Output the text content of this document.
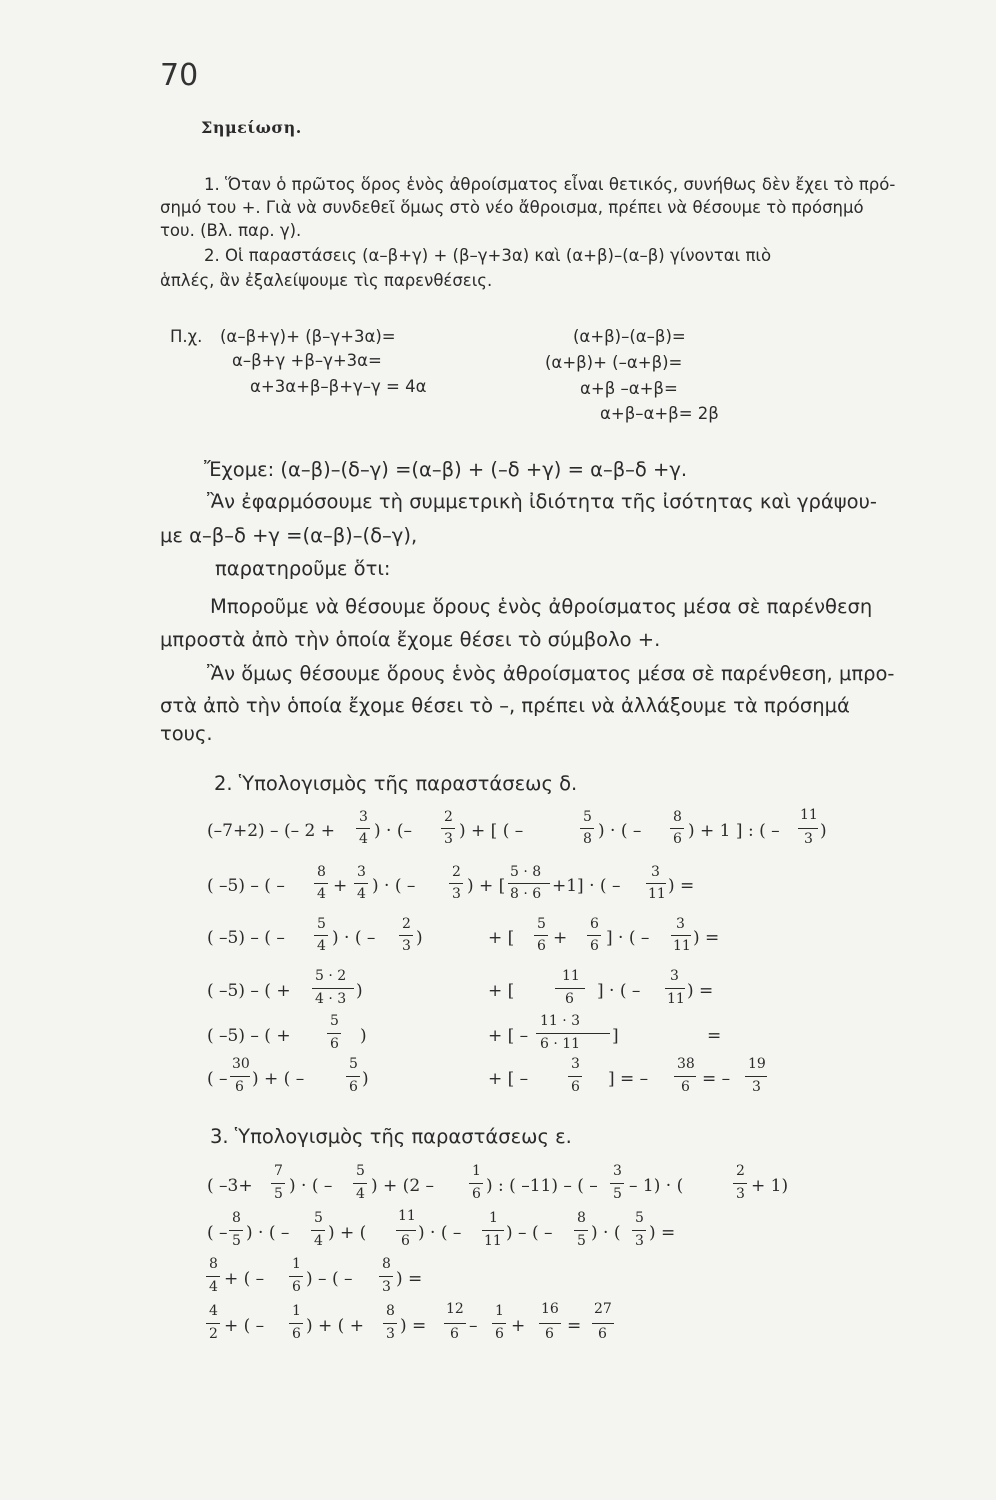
70
Σημείωση.
1. Ὅταν ὁ πρῶτος ὅρος ἑνὸς ἀθροίσματος εἶναι θετικός, συνήθως δὲν ἔχει τὸ πρό-
σημό του +. Γιὰ νὰ συνδεθεῖ ὅμως στὸ νέο ἄθροισμα, πρέπει νὰ θέσουμε τὸ πρόσημό
του. (Βλ. παρ. γ).
2. Οἱ παραστάσεις (α–β+γ) + (β–γ+3α) καὶ (α+β)–(α–β) γίνονται πιὸ
ἁπλές, ἂν ἐξαλείψουμε τὶς παρενθέσεις.
Π.χ. (α–β+γ)+ (β–γ+3α)=
α–β+γ +β–γ+3α=
α+3α+β–β+γ–γ = 4α
(α+β)–(α–β)=
(α+β)+ (–α+β)=
α+β –α+β=
α+β–α+β= 2β
Ἔχομε: (α–β)–(δ–γ) =(α–β) + (–δ +γ) = α–β–δ +γ.
Ἂν ἐφαρμόσουμε τὴ συμμετρικὴ ἰδιότητα τῆς ἰσότητας καὶ γράψου-
με α–β–δ +γ =(α–β)–(δ–γ),
παρατηροῦμε ὅτι:
Μποροῦμε νὰ θέσουμε ὅρους ἑνὸς ἀθροίσματος μέσα σὲ παρένθεση
μπροστὰ ἀπὸ τὴν ὁποία ἔχομε θέσει τὸ σύμβολο +.
Ἂν ὅμως θέσουμε ὅρους ἑνὸς ἀθροίσματος μέσα σὲ παρένθεση, μπρο-
στὰ ἀπὸ τὴν ὁποία ἔχομε θέσει τὸ –, πρέπει νὰ ἀλλάξουμε τὰ πρόσημά
τους.
2. Ὑπολογισμὸς τῆς παραστάσεως δ.
(–7+2) – (– 2 +
3
4 ) · (–
2
3 ) + [ ( –
5
8 ) · ( –
8
6 ) + 1 ] : ( –
11
3 )
( –5) – ( –
8
4 +
3
4 ) · ( –
2
3 ) + [
5 · 8
8 · 6 +1] · ( –
3
11 ) =
( –5) – ( –
5
4 ) · ( –
2
3 )	+ [
5
6 +
6
6 ] · ( –
3
11 ) =
( –5) – ( +
5 · 2
4 · 3 )	+ [
11
6 ] · ( –
3
11 ) =
( –5) – ( +
5
6 )	+ [ –
11 · 3
6 · 11 ]	=
( –
30
6 ) + ( –
5
6 )	+ [ –
3
6 ] = –
38
6 = –
19
3
3. Ὑπολογισμὸς τῆς παραστάσεως ε.
( –3+
7
5 ) · ( –
5
4 ) + (2 –
1
6 ) : ( –11) – ( –
3
5 – 1) · (
2
3 + 1)
( –
8
5 ) · ( –
5
4 ) + (
11
6 ) · ( –
1
11 ) – ( –
8
5 ) · (
5
3 ) =
8
4 + ( –
1
6 ) – ( –
8
3 ) =
4
2 + ( –
1
6 ) + ( +
8
3 ) =
12
6 –
1
6 +
16
6 =
27
6
